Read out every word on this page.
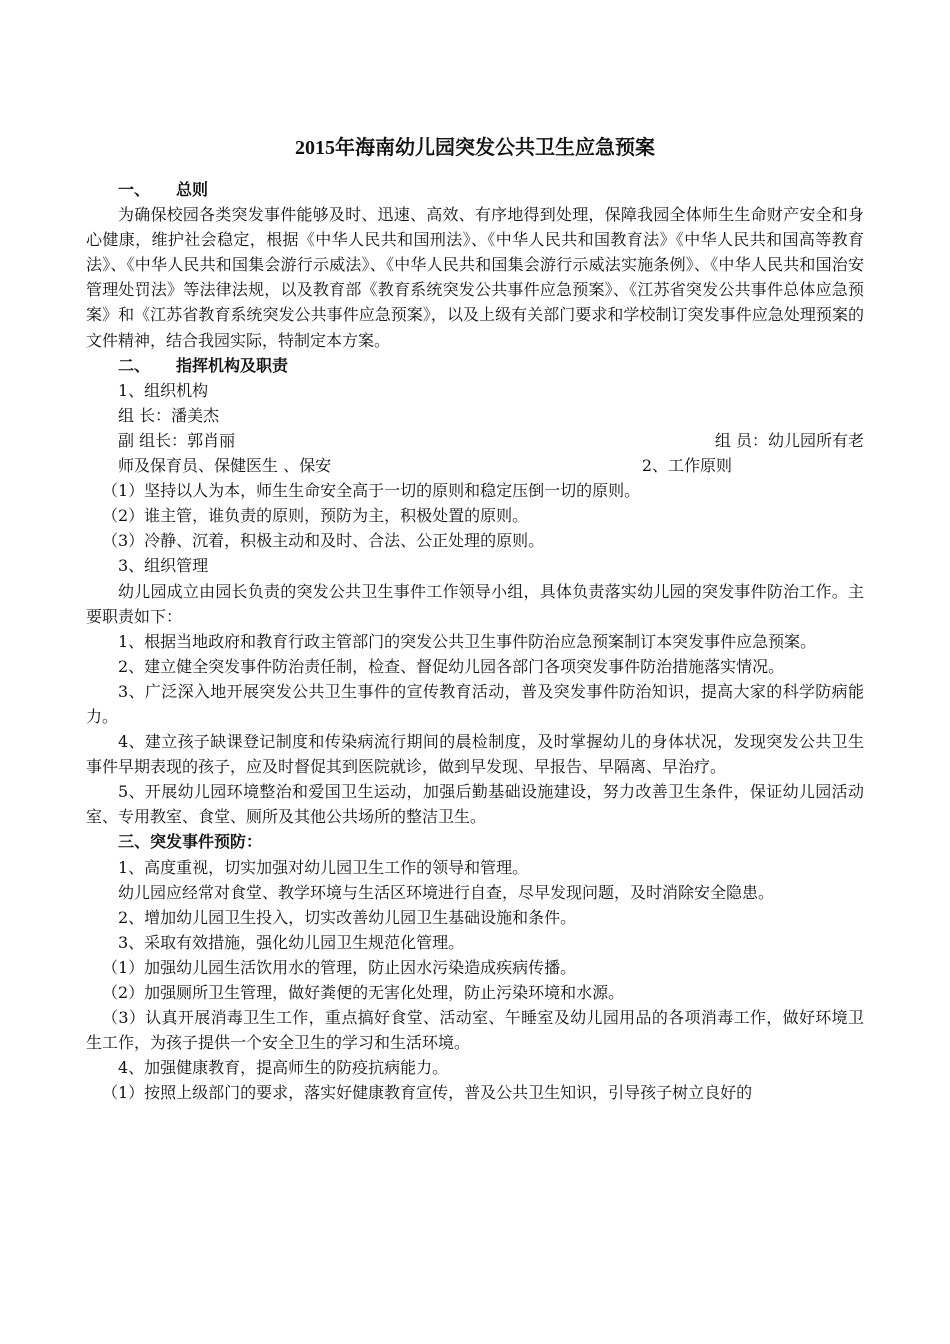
2015年海南幼儿园突发公共卫生应急预案

一、 总则

为确保校园各类突发事件能够及时、迅速、高效、有序地得到处理，保障我园全体师生生命财产安全和身心健康，维护社会稳定，根据《中华人民共和国刑法》、《中华人民共和国教育法》《中华人民共和国高等教育法》、《中华人民共和国集会游行示威法》、《中华人民共和国集会游行示威法实施条例》、《中华人民共和国治安管理处罚法》等法律法规，以及教育部《教育系统突发公共事件应急预案》、《江苏省突发公共事件总体应急预案》和《江苏省教育系统突发公共事件应急预案》，以及上级有关部门要求和学校制订突发事件应急处理预案的文件精神，结合我园实际，特制定本方案。

二、 指挥机构及职责

1、组织机构

组 长：潘美杰

副 组长：郭肖丽	组 员：幼儿园所有老

师及保育员、保健医生 、保安	2、工作原则

（1）坚持以人为本，师生生命安全高于一切的原则和稳定压倒一切的原则。

（2）谁主管，谁负责的原则，预防为主，积极处置的原则。

（3）冷静、沉着，积极主动和及时、合法、公正处理的原则。

3、组织管理

幼儿园成立由园长负责的突发公共卫生事件工作领导小组，具体负责落实幼儿园的突发事件防治工作。主要职责如下：

1、根据当地政府和教育行政主管部门的突发公共卫生事件防治应急预案制订本突发事件应急预案。

2、建立健全突发事件防治责任制，检查、督促幼儿园各部门各项突发事件防治措施落实情况。

3、广泛深入地开展突发公共卫生事件的宣传教育活动，普及突发事件防治知识，提高大家的科学防病能力。

4、建立孩子缺课登记制度和传染病流行期间的晨检制度，及时掌握幼儿的身体状况，发现突发公共卫生事件早期表现的孩子，应及时督促其到医院就诊，做到早发现、早报告、早隔离、早治疗。

5、开展幼儿园环境整治和爱国卫生运动，加强后勤基础设施建设，努力改善卫生条件，保证幼儿园活动室、专用教室、食堂、厕所及其他公共场所的整洁卫生。

三、突发事件预防：

1、高度重视，切实加强对幼儿园卫生工作的领导和管理。

幼儿园应经常对食堂、教学环境与生活区环境进行自查，尽早发现问题，及时消除安全隐患。

2、增加幼儿园卫生投入，切实改善幼儿园卫生基础设施和条件。

3、采取有效措施，强化幼儿园卫生规范化管理。

（1）加强幼儿园生活饮用水的管理，防止因水污染造成疾病传播。

（2）加强厕所卫生管理，做好粪便的无害化处理，防止污染环境和水源。

（3）认真开展消毒卫生工作，重点搞好食堂、活动室、午睡室及幼儿园用品的各项消毒工作，做好环境卫生工作，为孩子提供一个安全卫生的学习和生活环境。

4、加强健康教育，提高师生的防疫抗病能力。

（1）按照上级部门的要求，落实好健康教育宣传，普及公共卫生知识，引导孩子树立良好的
